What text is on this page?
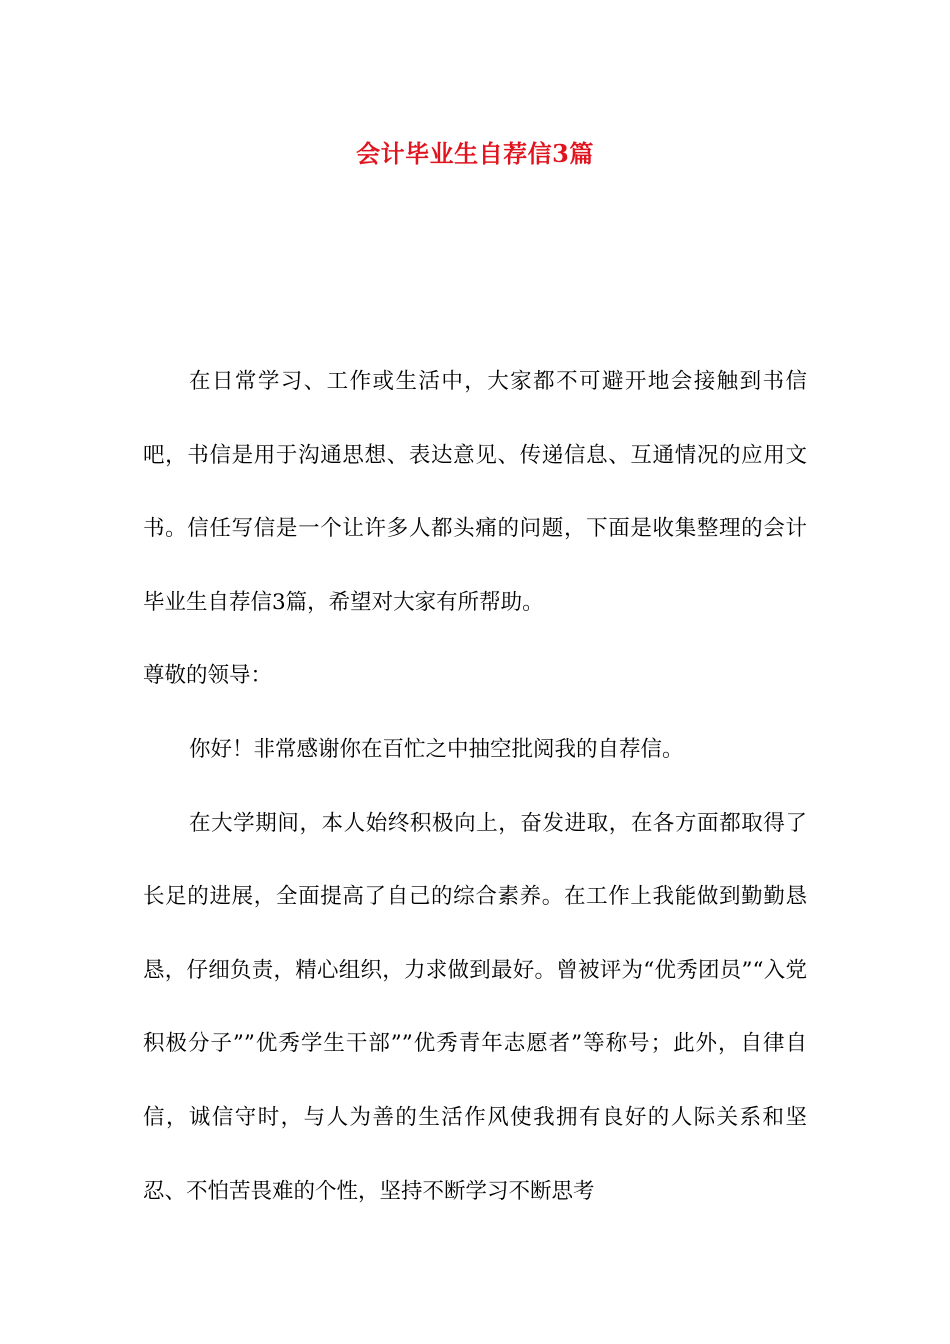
会计毕业生自荐信3篇

在日常学习、工作或生活中，大家都不可避开地会接触到书信吧，书信是用于沟通思想、表达意见、传递信息、互通情况的应用文书。信任写信是一个让许多人都头痛的问题，下面是收集整理的会计毕业生自荐信3篇，希望对大家有所帮助。

尊敬的领导：

你好！非常感谢你在百忙之中抽空批阅我的自荐信。

在大学期间，本人始终积极向上，奋发进取，在各方面都取得了长足的进展，全面提高了自己的综合素养。在工作上我能做到勤勤恳恳，仔细负责，精心组织，力求做到最好。曾被评为“优秀团员”“入党积极分子””优秀学生干部””优秀青年志愿者”等称号；此外，自律自信，诚信守时，与人为善的生活作风使我拥有良好的人际关系和坚忍、不怕苦畏难的个性，坚持不断学习不断思考
